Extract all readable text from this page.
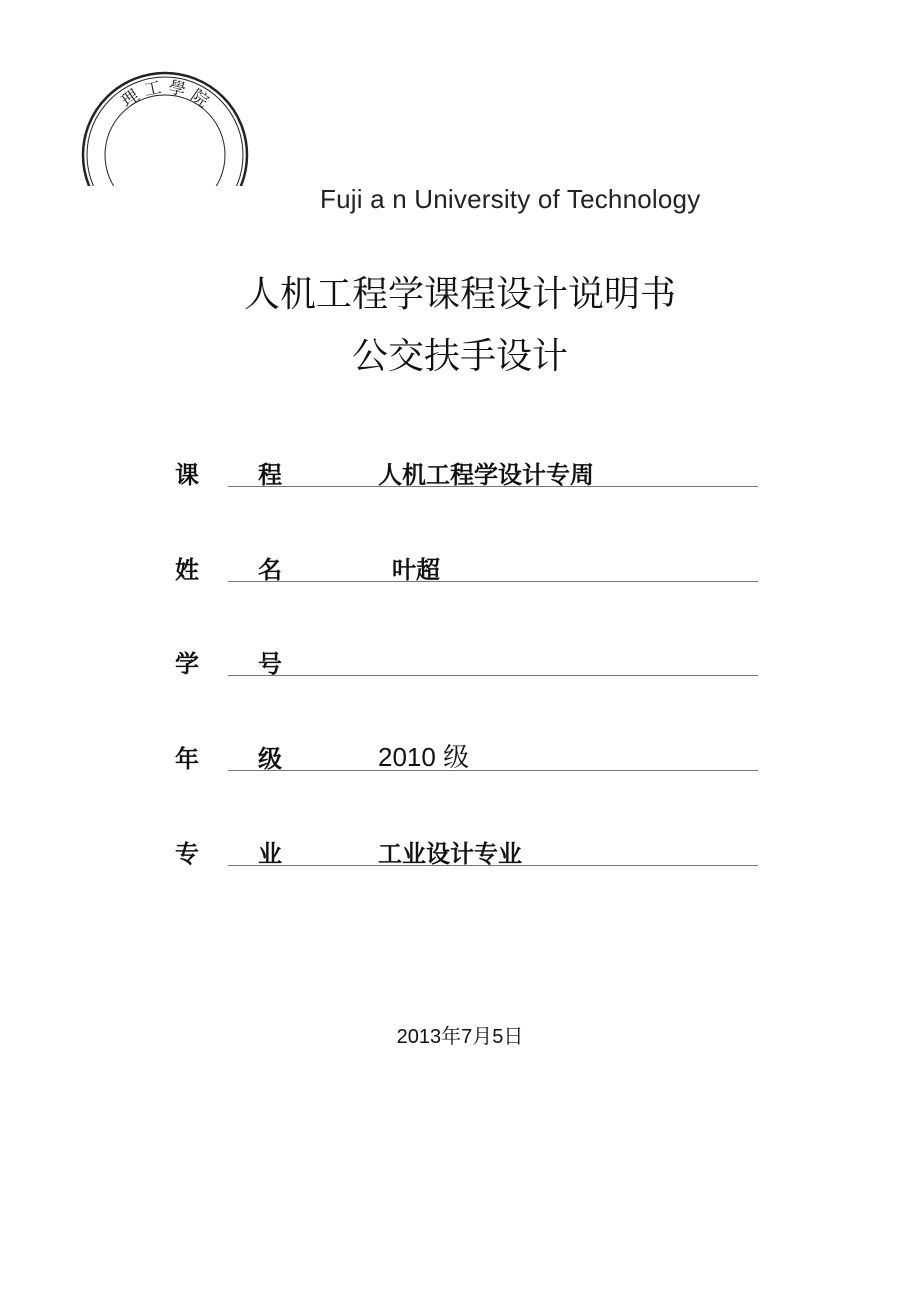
理 工 學 院
Fuji a n University of Technology
人机工程学课程设计说明书
公交扶手设计
课 程	人机工程学设计专周
姓 名	叶超
学 号
年 级	2010 级
专 业	工业设计专业
2013年7月5日
